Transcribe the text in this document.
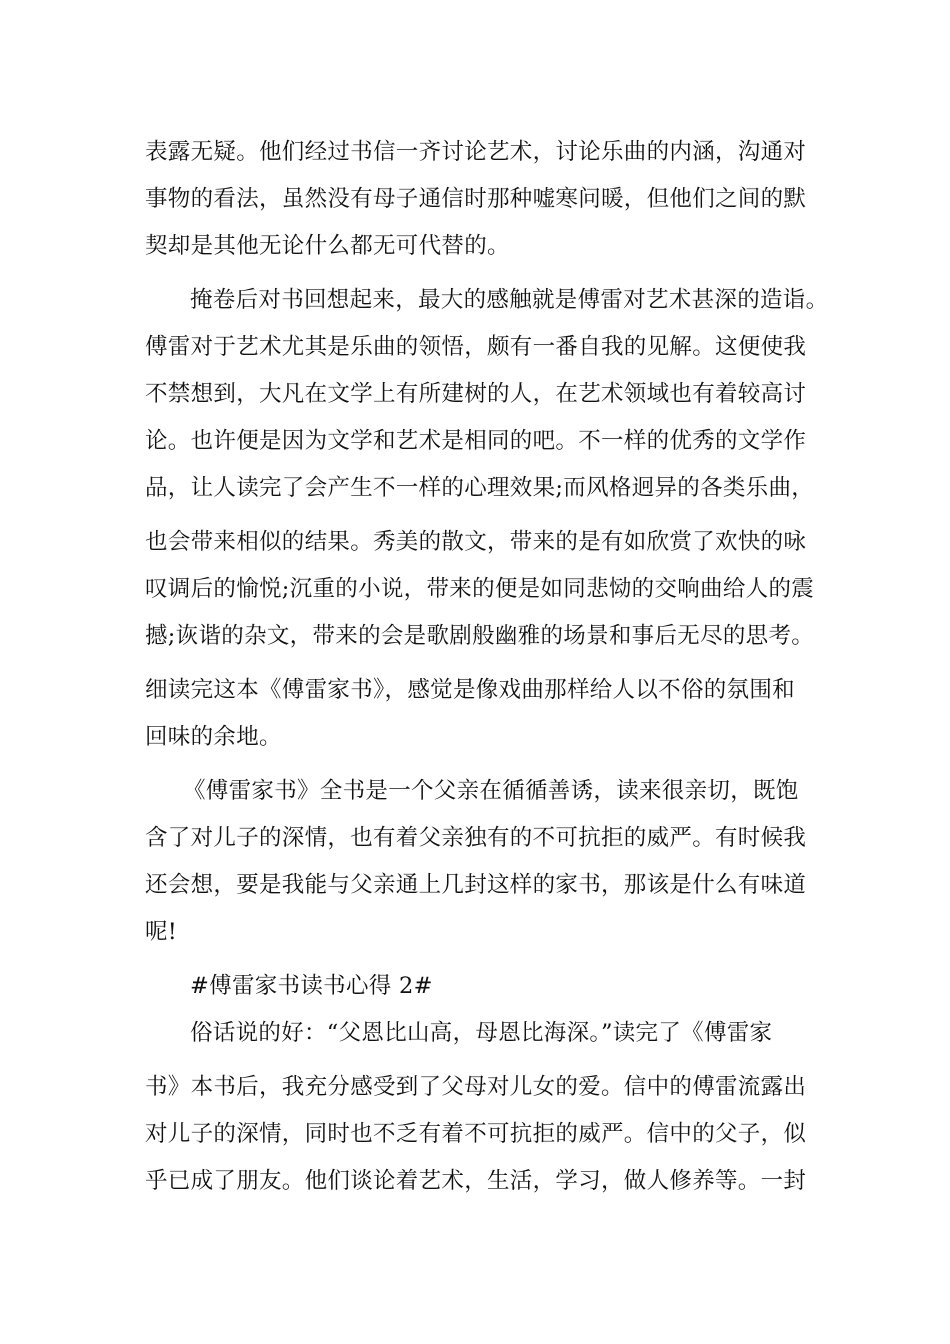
表露无疑。他们经过书信一齐讨论艺术，讨论乐曲的内涵，沟通对
事物的看法，虽然没有母子通信时那种嘘寒问暖，但他们之间的默
契却是其他无论什么都无可代替的。
掩卷后对书回想起来，最大的感触就是傅雷对艺术甚深的造诣。
傅雷对于艺术尤其是乐曲的领悟，颇有一番自我的见解。这便使我
不禁想到，大凡在文学上有所建树的人，在艺术领域也有着较高讨
论。也许便是因为文学和艺术是相同的吧。不一样的优秀的文学作
品，让人读完了会产生不一样的心理效果;而风格迥异的各类乐曲，
也会带来相似的结果。秀美的散文，带来的是有如欣赏了欢快的咏
叹调后的愉悦;沉重的小说，带来的便是如同悲恸的交响曲给人的震
撼;诙谐的杂文，带来的会是歌剧般幽雅的场景和事后无尽的思考。
细读完这本《傅雷家书》，感觉是像戏曲那样给人以不俗的氛围和
回味的余地。
《傅雷家书》全书是一个父亲在循循善诱，读来很亲切，既饱
含了对儿子的深情，也有着父亲独有的不可抗拒的威严。有时候我
还会想，要是我能与父亲通上几封这样的家书，那该是什么有味道
呢!
#傅雷家书读书心得 2#
俗话说的好：“父恩比山高，母恩比海深。”读完了《傅雷家
书》本书后，我充分感受到了父母对儿女的爱。信中的傅雷流露出
对儿子的深情，同时也不乏有着不可抗拒的威严。信中的父子，似
乎已成了朋友。他们谈论着艺术，生活，学习，做人修养等。一封
